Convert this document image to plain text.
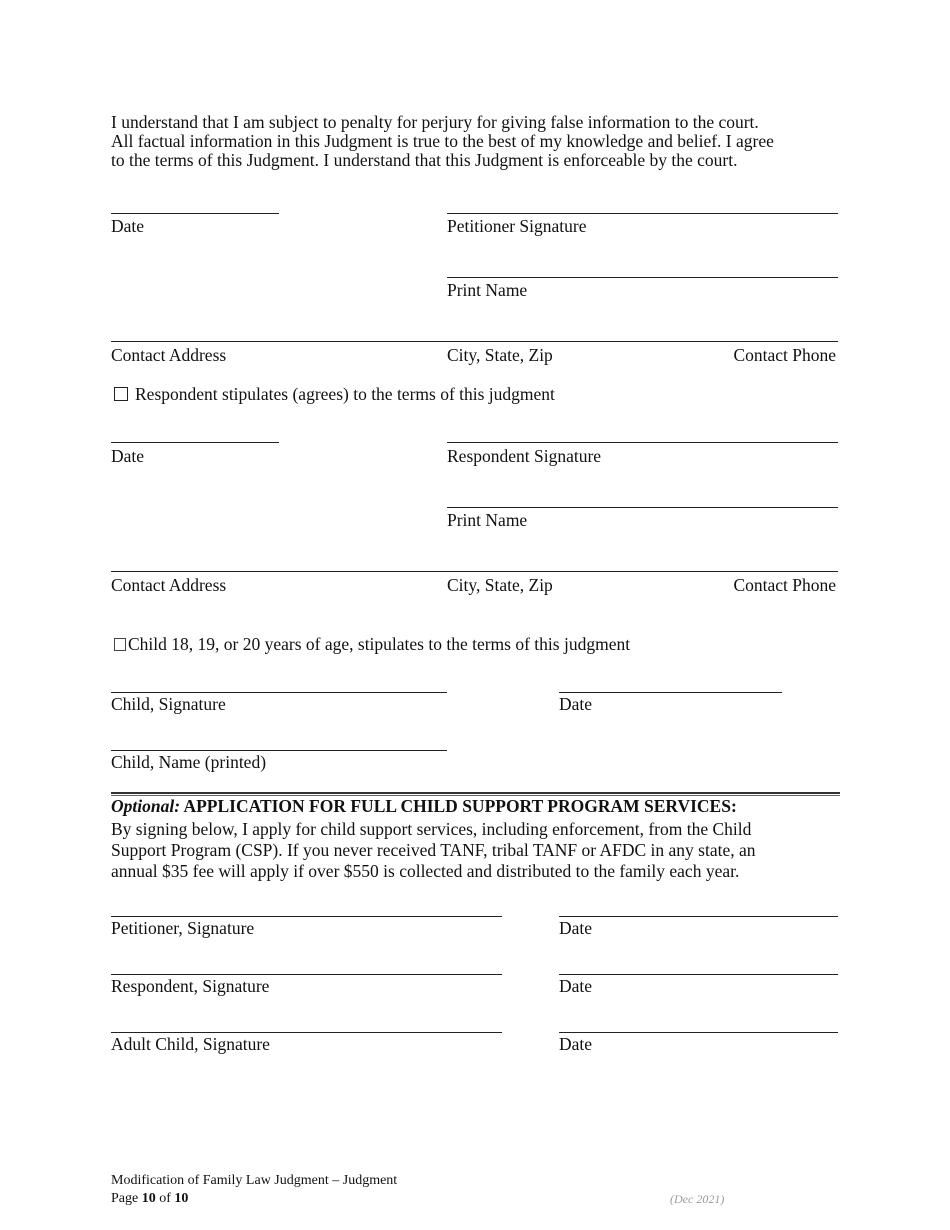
I understand that I am subject to penalty for perjury for giving false information to the court.
All factual information in this Judgment is true to the best of my knowledge and belief. I agree
to the terms of this Judgment. I understand that this Judgment is enforceable by the court.
Date	Petitioner Signature
Print Name
Contact Address	City, State, Zip	Contact Phone
Respondent stipulates (agrees) to the terms of this judgment
Date	Respondent Signature
Print Name
Contact Address	City, State, Zip	Contact Phone
Child 18, 19, or 20 years of age, stipulates to the terms of this judgment
Child, Signature	Date
Child, Name (printed)
Optional: APPLICATION FOR FULL CHILD SUPPORT PROGRAM SERVICES:
By signing below, I apply for child support services, including enforcement, from the Child
Support Program (CSP). If you never received TANF, tribal TANF or AFDC in any state, an
annual $35 fee will apply if over $550 is collected and distributed to the family each year.
Petitioner, Signature	Date
Respondent, Signature	Date
Adult Child, Signature	Date
Modification of Family Law Judgment – Judgment
Page 10 of 10	(Dec 2021)
